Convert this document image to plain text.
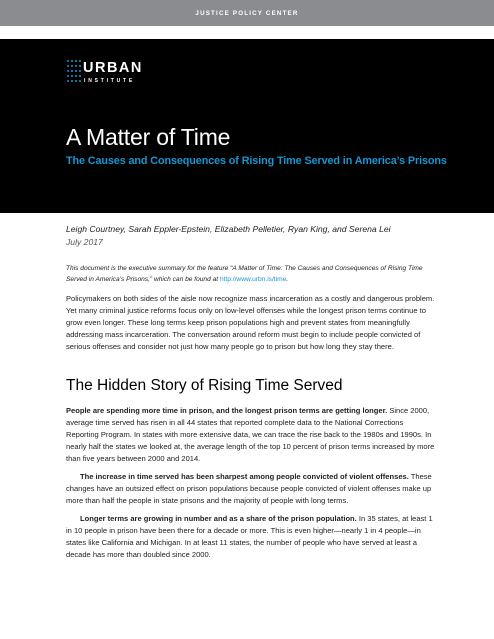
JUSTICE POLICY CENTER
URBAN
INSTITUTE
A Matter of Time
The Causes and Consequences of Rising Time Served in America’s Prisons
Leigh Courtney, Sarah Eppler-Epstein, Elizabeth Pelletier, Ryan King, and Serena Lei
July 2017
This document is the executive summary for the feature “A Matter of Time: The Causes and Consequences of Rising Time Served in America’s Prisons,” which can be found at http://www.urbn.is/time.

Policymakers on both sides of the aisle now recognize mass incarceration as a costly and dangerous problem. Yet many criminal justice reforms focus only on low-level offenses while the longest prison terms continue to grow even longer. These long terms keep prison populations high and prevent states from meaningfully addressing mass incarceration. The conversation around reform must begin to include people convicted of serious offenses and consider not just how many people go to prison but how long they stay there.

The Hidden Story of Rising Time Served

People are spending more time in prison, and the longest prison terms are getting longer. Since 2000, average time served has risen in all 44 states that reported complete data to the National Corrections Reporting Program. In states with more extensive data, we can trace the rise back to the 1980s and 1990s. In nearly half the states we looked at, the average length of the top 10 percent of prison terms increased by more than five years between 2000 and 2014.

The increase in time served has been sharpest among people convicted of violent offenses. These changes have an outsized effect on prison populations because people convicted of violent offenses make up more than half the people in state prisons and the majority of people with long terms.

Longer terms are growing in number and as a share of the prison population. In 35 states, at least 1 in 10 people in prison have been there for a decade or more. This is even higher—nearly 1 in 4 people—in states like California and Michigan. In at least 11 states, the number of people who have served at least a decade has more than doubled since 2000.
